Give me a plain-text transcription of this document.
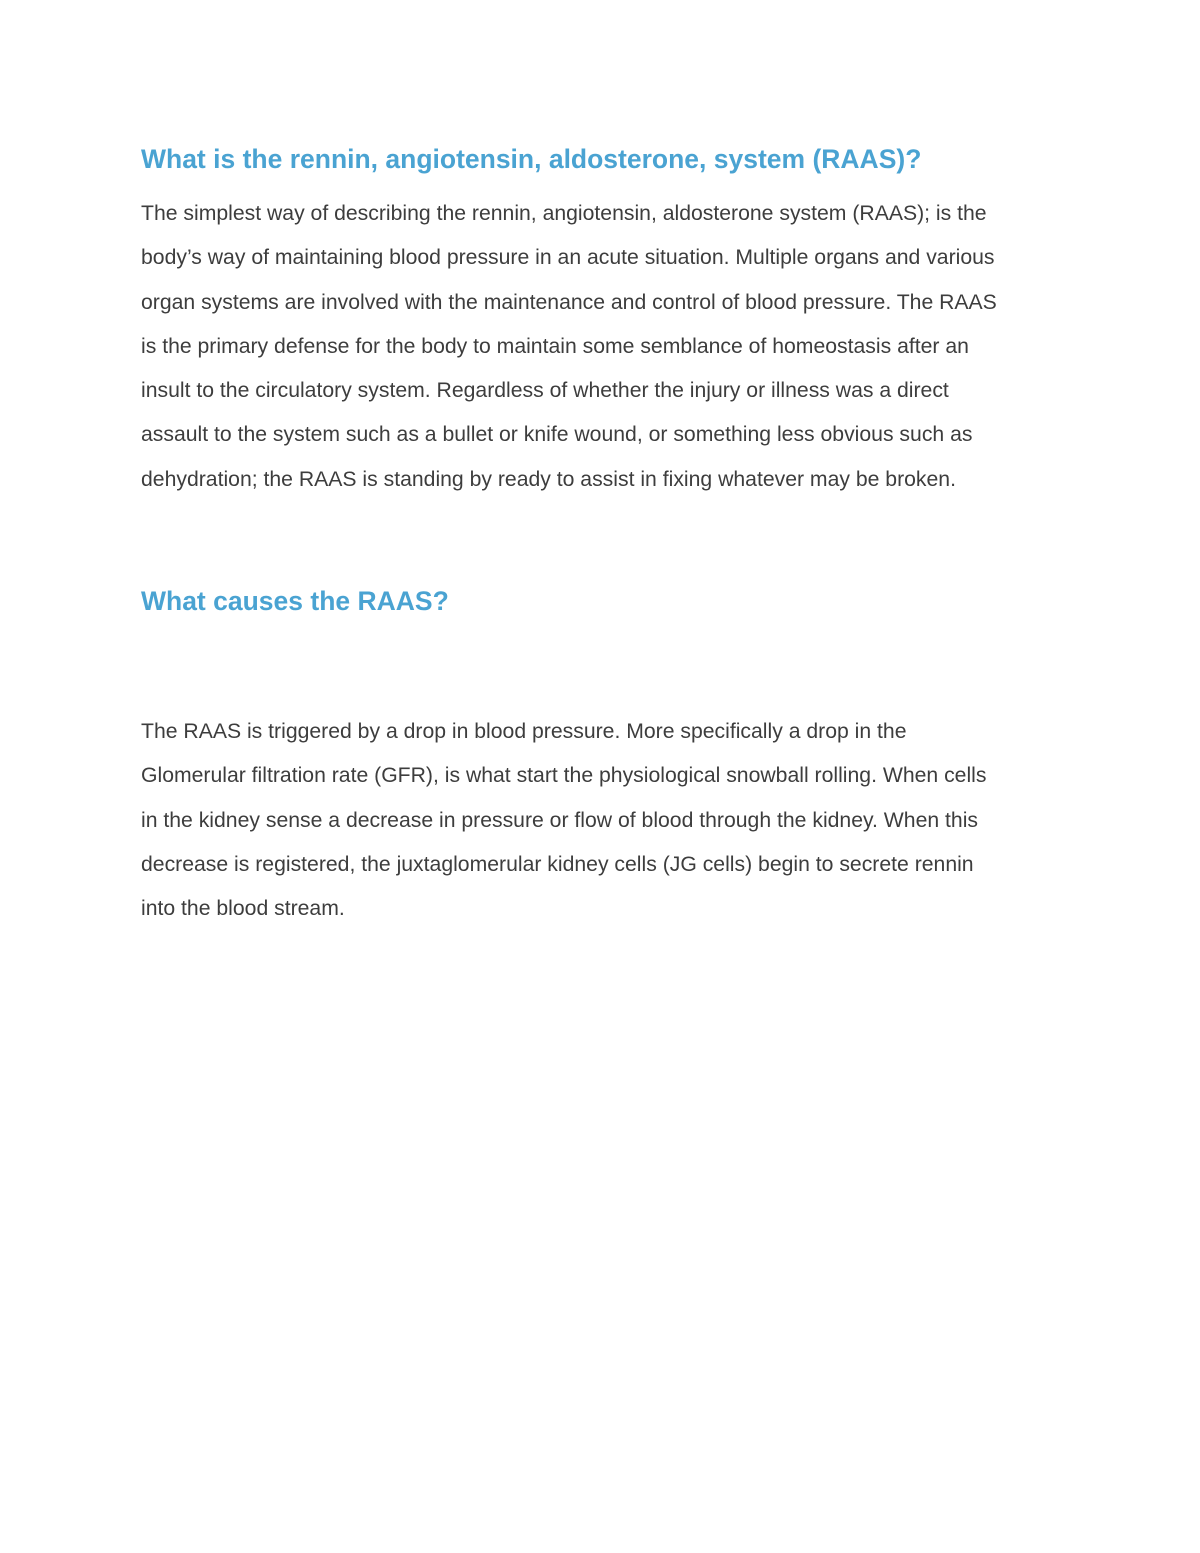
What is the rennin, angiotensin, aldosterone, system (RAAS)?

The simplest way of describing the rennin, angiotensin, aldosterone system (RAAS); is the
body’s way of maintaining blood pressure in an acute situation. Multiple organs and various
organ systems are involved with the maintenance and control of blood pressure. The RAAS
is the primary defense for the body to maintain some semblance of homeostasis after an
insult to the circulatory system. Regardless of whether the injury or illness was a direct
assault to the system such as a bullet or knife wound, or something less obvious such as
dehydration; the RAAS is standing by ready to assist in fixing whatever may be broken.

What causes the RAAS?

The RAAS is triggered by a drop in blood pressure. More specifically a drop in the
Glomerular filtration rate (GFR), is what start the physiological snowball rolling. When cells
in the kidney sense a decrease in pressure or flow of blood through the kidney. When this
decrease is registered, the juxtaglomerular kidney cells (JG cells) begin to secrete rennin
into the blood stream.
